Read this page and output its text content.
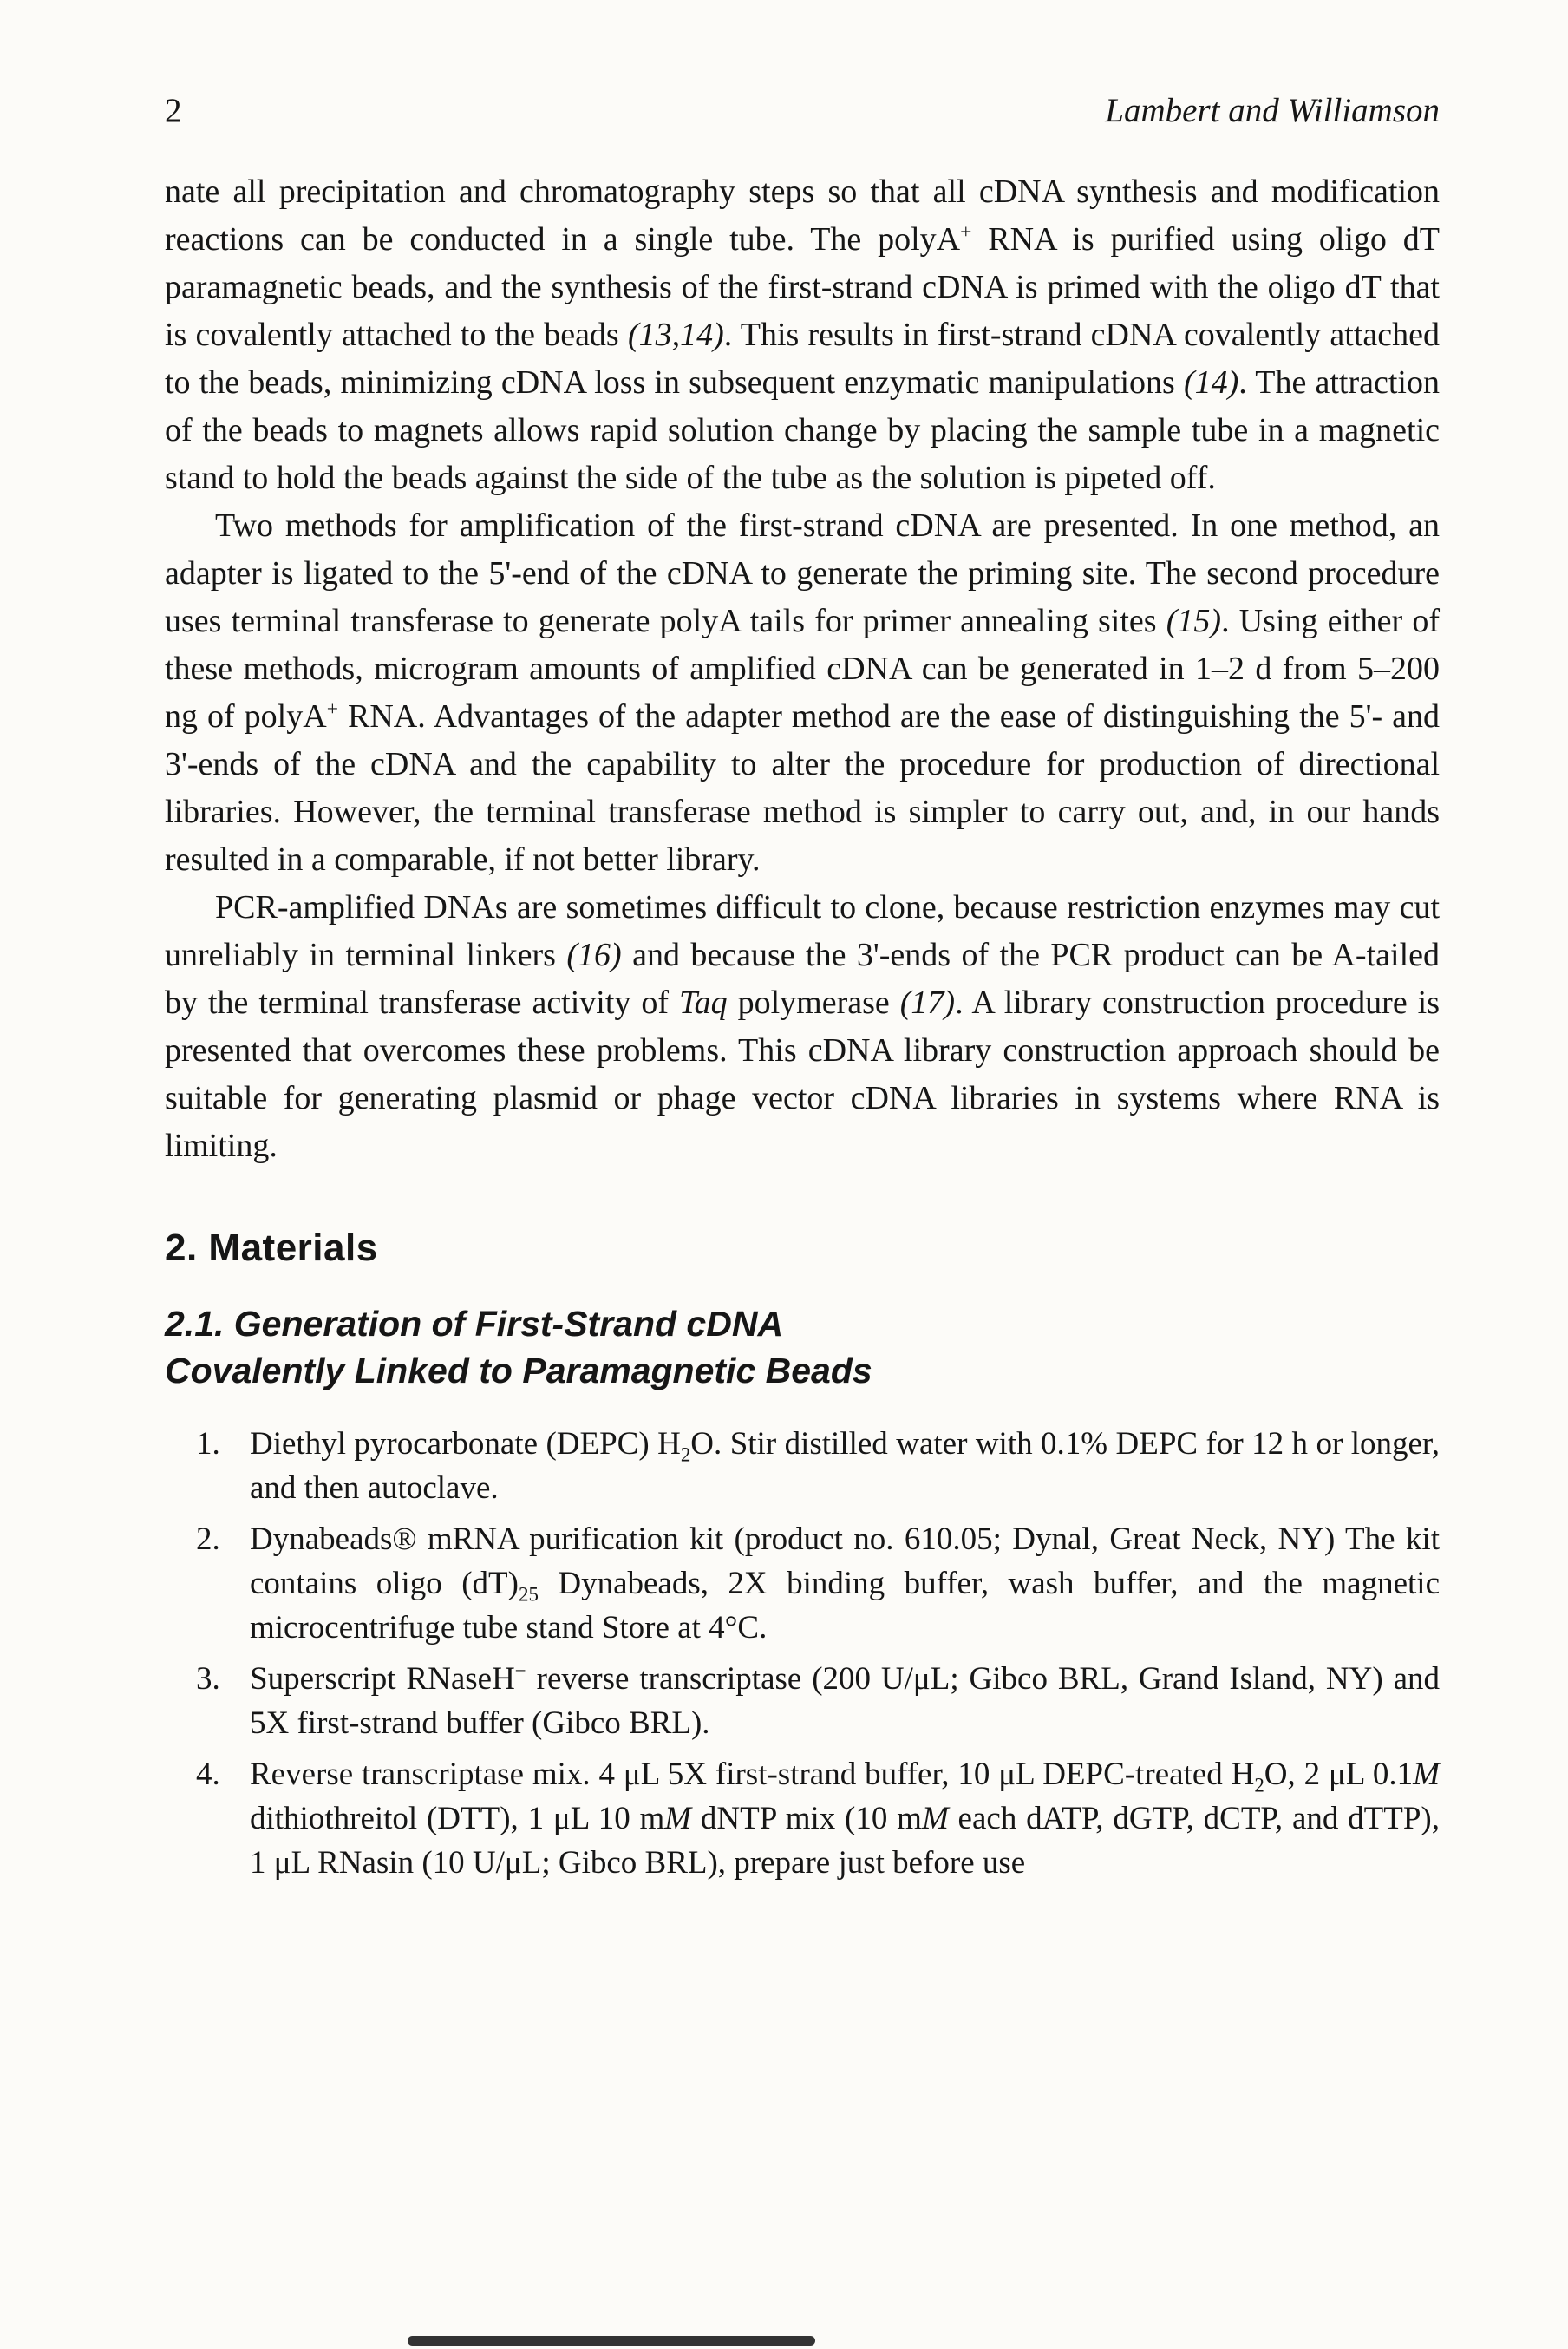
2	Lambert and Williamson
nate all precipitation and chromatography steps so that all cDNA synthesis and modification reactions can be conducted in a single tube. The polyA+ RNA is purified using oligo dT paramagnetic beads, and the synthesis of the first-strand cDNA is primed with the oligo dT that is covalently attached to the beads (13,14). This results in first-strand cDNA covalently attached to the beads, minimizing cDNA loss in subsequent enzymatic manipulations (14). The attraction of the beads to magnets allows rapid solution change by placing the sample tube in a magnetic stand to hold the beads against the side of the tube as the solution is pipeted off.
Two methods for amplification of the first-strand cDNA are presented. In one method, an adapter is ligated to the 5'-end of the cDNA to generate the priming site. The second procedure uses terminal transferase to generate polyA tails for primer annealing sites (15). Using either of these methods, microgram amounts of amplified cDNA can be generated in 1–2 d from 5–200 ng of polyA+ RNA. Advantages of the adapter method are the ease of distinguishing the 5'- and 3'-ends of the cDNA and the capability to alter the procedure for production of directional libraries. However, the terminal transferase method is simpler to carry out, and, in our hands resulted in a comparable, if not better library.
PCR-amplified DNAs are sometimes difficult to clone, because restriction enzymes may cut unreliably in terminal linkers (16) and because the 3'-ends of the PCR product can be A-tailed by the terminal transferase activity of Taq polymerase (17). A library construction procedure is presented that overcomes these problems. This cDNA library construction approach should be suitable for generating plasmid or phage vector cDNA libraries in systems where RNA is limiting.
2. Materials
2.1. Generation of First-Strand cDNA
Covalently Linked to Paramagnetic Beads
1. Diethyl pyrocarbonate (DEPC) $H_2O$. Stir distilled water with 0.1% DEPC for 12 h or longer, and then autoclave.
2. Dynabeads® mRNA purification kit (product no. 610.05; Dynal, Great Neck, NY) The kit contains oligo $(dT)_{25}$ Dynabeads, 2X binding buffer, wash buffer, and the magnetic microcentrifuge tube stand Store at 4°C.
3. Superscript RNaseH− reverse transcriptase (200 U/μL; Gibco BRL, Grand Island, NY) and 5X first-strand buffer (Gibco BRL).
4. Reverse transcriptase mix. 4 μL 5X first-strand buffer, 10 μL DEPC-treated $H_2O$, 2 μL 0.1M dithiothreitol (DTT), 1 μL 10 mM dNTP mix (10 mM each dATP, dGTP, dCTP, and dTTP), 1 μL RNasin (10 U/μL; Gibco BRL), prepare just before use
